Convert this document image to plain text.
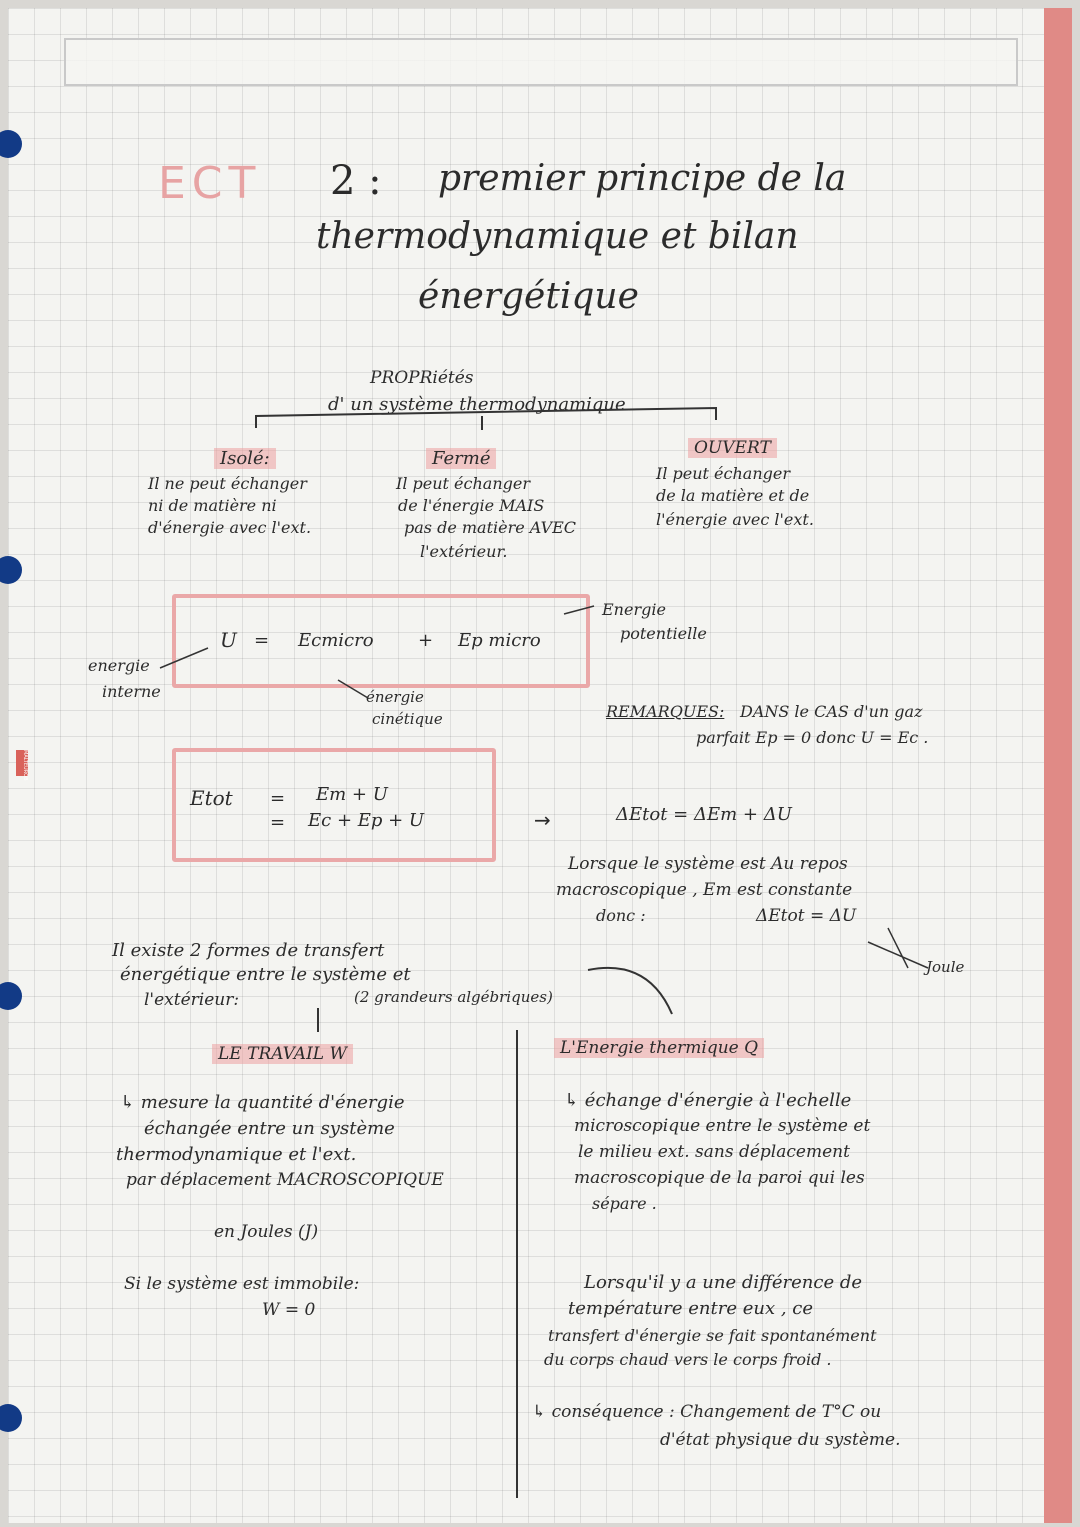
MALTEUROB
ECT 2 : premier principe de la
thermodynamique et bilan
énergétique
PROPRiétés
d' un système thermodynamique
Isolé:
Il ne peut échanger
ni de matière ni
d'énergie avec l'ext.
Fermé
Il peut échanger
de l'énergie MAIS
pas de matière AVEC
l'extérieur.
OUVERT
Il peut échanger
de la matière et de
l'énergie avec l'ext.
U = Ecmicro + Ep micro
energie
interne	énergie
cinétique
Energie
potentielle
REMARQUES: DANS le CAS d'un gaz
parfait Ep = 0 donc U = Ec .
Etot = Em + U
= Ec + Ep + U	→	ΔEtot = ΔEm + ΔU
Lorsque le système est Au repos
macroscopique , Em est constante
donc :	ΔEtot = ΔU
Joule
Il existe 2 formes de transfert
énergétique entre le système et
l'extérieur:	(2 grandeurs algébriques)
LE TRAVAIL W
↳ mesure la quantité d'énergie
échangée entre un système
thermodynamique et l'ext.
par déplacement MACROSCOPIQUE
en Joules (J)
Si le système est immobile:
W = 0
L'Energie thermique Q
↳ échange d'énergie à l'echelle
microscopique entre le système et
le milieu ext. sans déplacement
macroscopique de la paroi qui les
sépare .
Lorsqu'il y a une différence de
température entre eux , ce
transfert d'énergie se fait spontanément
du corps chaud vers le corps froid .
↳ conséquence : Changement de T°C ou
d'état physique du système.
